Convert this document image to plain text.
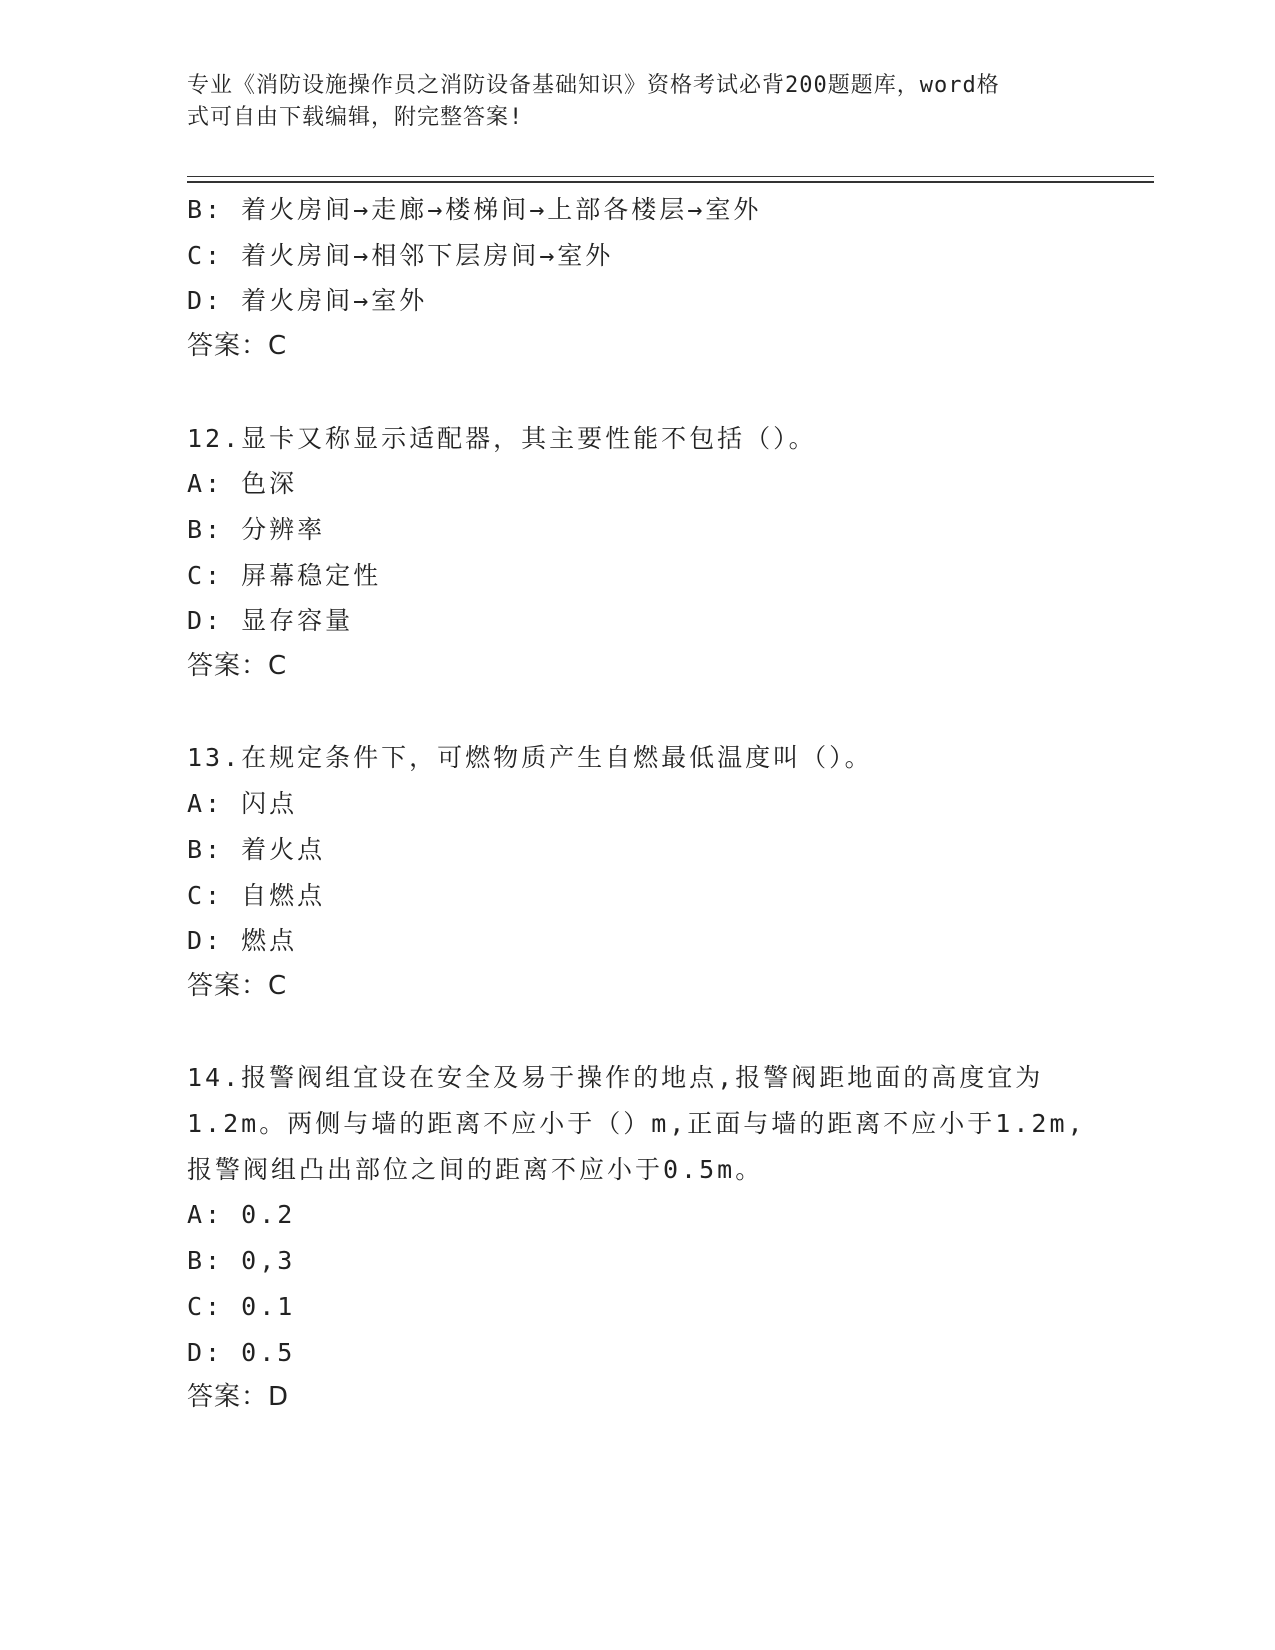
专业《消防设施操作员之消防设备基础知识》资格考试必背200题题库，word格
式可自由下载编辑，附完整答案!
B: 着火房间→走廊→楼梯间→上部各楼层→室外
C: 着火房间→相邻下层房间→室外
D: 着火房间→室外
答案：C
12.显卡又称显示适配器，其主要性能不包括（）。
A: 色深
B: 分辨率
C: 屏幕稳定性
D: 显存容量
答案：C
13.在规定条件下，可燃物质产生自燃最低温度叫（）。
A: 闪点
B: 着火点
C: 自燃点
D: 燃点
答案：C
14.报警阀组宜设在安全及易于操作的地点,报警阀距地面的高度宜为
1.2m。两侧与墙的距离不应小于（）m,正面与墙的距离不应小于1.2m,
报警阀组凸出部位之间的距离不应小于0.5m。
A: 0.2
B: 0,3
C: 0.1
D: 0.5
答案：D
